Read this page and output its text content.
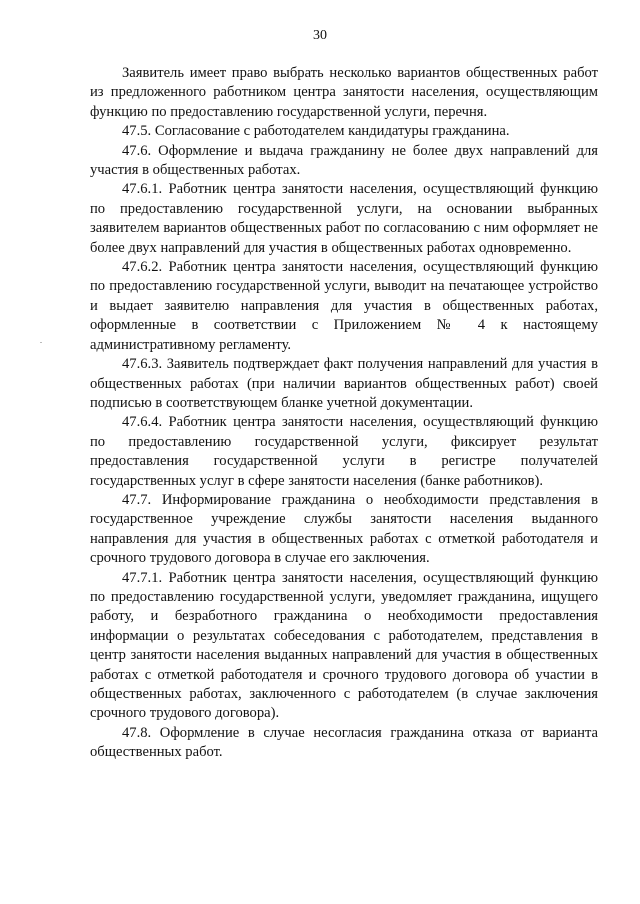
30

Заявитель имеет право выбрать несколько вариантов общественных работ из предложенного работником центра занятости населения, осуществляющим функцию по предоставлению государственной услуги, перечня.

47.5. Согласование с работодателем кандидатуры гражданина.

47.6. Оформление и выдача гражданину не более двух направлений для участия в общественных работах.

47.6.1. Работник центра занятости населения, осуществляющий функцию по предоставлению государственной услуги, на основании выбранных заявителем вариантов общественных работ по согласованию с ним оформляет не более двух направлений для участия в общественных работах одновременно.

47.6.2. Работник центра занятости населения, осуществляющий функцию по предоставлению государственной услуги, выводит на печатающее устройство и выдает заявителю направления для участия в общественных работах, оформленные в соответствии с Приложением № 4 к настоящему административному регламенту.

47.6.3. Заявитель подтверждает факт получения направлений для участия в общественных работах (при наличии вариантов общественных работ) своей подписью в соответствующем бланке учетной документации.

47.6.4. Работник центра занятости населения, осуществляющий функцию по предоставлению государственной услуги, фиксирует результат предоставления государственной услуги в регистре получателей государственных услуг в сфере занятости населения (банке работников).

47.7. Информирование гражданина о необходимости представления в государственное учреждение службы занятости населения выданного направления для участия в общественных работах с отметкой работодателя и срочного трудового договора в случае его заключения.

47.7.1. Работник центра занятости населения, осуществляющий функцию по предоставлению государственной услуги, уведомляет гражданина, ищущего работу, и безработного гражданина о необходимости предоставления информации о результатах собеседования с работодателем, представления в центр занятости населения выданных направлений для участия в общественных работах с отметкой работодателя и срочного трудового договора об участии в общественных работах, заключенного с работодателем (в случае заключения срочного трудового договора).

47.8. Оформление в случае несогласия гражданина отказа от варианта общественных работ.
